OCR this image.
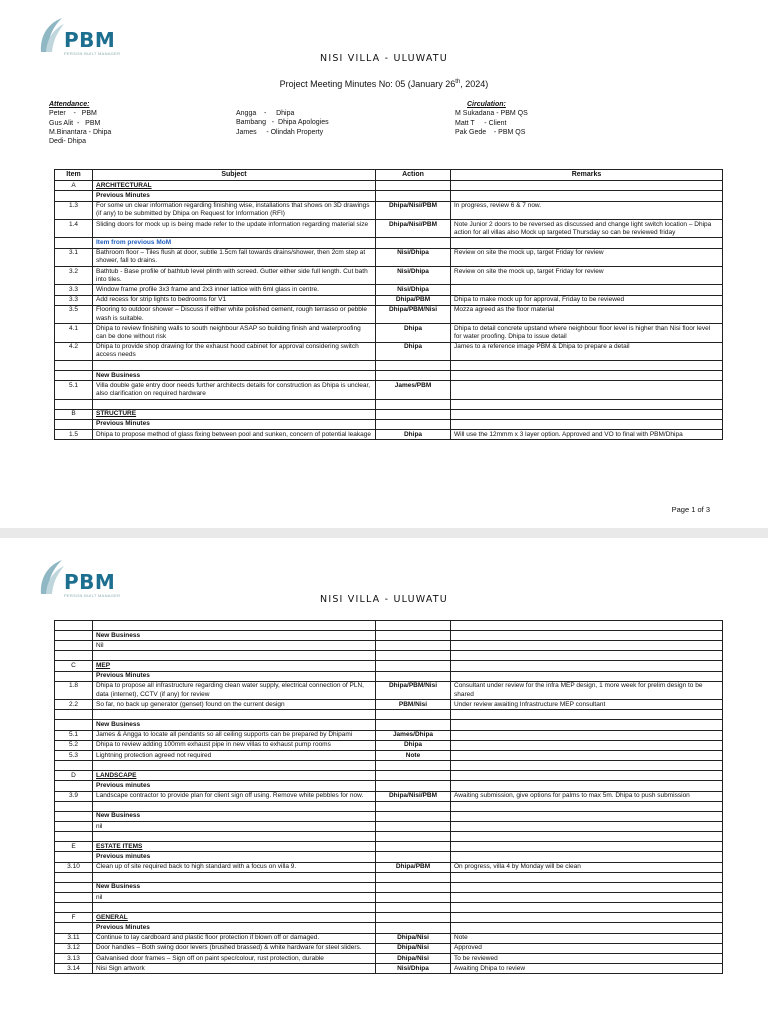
PBM
PERSON BUILT MANAGER	NISI VILLA - ULUWATU
Project Meeting Minutes No: 05 (January 26th, 2024)
Attendance:
Peter    -   PBM
Gus Alit  -   PBM
M.Binantara - Dhipa
Dedi- Dhipa
Angga    -     Dhipa
Bambang   -  Dhipa Apologies
James     - Olindah Property
Circulation:
M Sukadana - PBM QS
Matt T     - Client
Pak Gede    - PBM QS
Page 1 of 3
Item	Subject	Action	Remarks
A	ARCHITECTURAL		
	Previous Minutes		
1.3	For some un clear information regarding finishing wise, installations that shows on 3D drawings (if any) to be submitted by Dhipa on Request for Information (RFI)	Dhipa/Nisi/PBM	In progress, review 6 & 7 now.
1.4	Sliding doors for mock up is being made refer to the update information regarding material size	Dhipa/Nisi/PBM	Note Junior 2 doors to be reversed as discussed and change light switch location – Dhipa action for all villas also Mock up targeted Thursday so can be reviewed friday
	Item from previous MoM		
3.1	Bathroom floor – Tiles flush at door, subtle 1.5cm fall towards drains/shower, then 2cm step at shower, fall to drains.	Nisi/Dhipa	Review on site the mock up, target Friday for review
3.2	Bathtub - Base profile of bathtub level plinth with screed. Gutter either side full length. Cut bath into tiles.	Nisi/Dhipa	Review on site the mock up, target Friday for review
3.3	Window frame profile 3x3 frame and 2x3 inner lattice with 6ml glass in centre.	Nisi/Dhipa	
3.3	Add recess for strip lights to bedrooms for V1	Dhipa/PBM	Dhipa to make mock up for approval, Friday to be reviewed
3.5	Flooring to outdoor shower – Discuss if either white polished cement, rough terrasso or pebble wash is suitable.	Dhipa/PBM/Nisi	Mozza agreed as the floor material
4.1	Dhipa to review finishing walls to south neighbour ASAP so building finish and waterproofing can be done without risk	Dhipa	Dhipa to detail concrete upstand where neighbour floor level is higher than Nisi floor level for water proofing. Dhipa to issue detail
4.2	Dhipa to provide shop drawing for the exhaust hood cabinet for approval considering switch access needs	Dhipa	James to a reference image PBM & Dhipa to prepare a detail

	New Business		
5.1	Villa double gate entry door needs further architects details for construction as Dhipa is unclear, also clarification on required hardware	James/PBM	

B	STRUCTURE		
	Previous Minutes		
1.5	Dhipa to propose method of glass fixing between pool and sunken, concern of potential leakage	Dhipa	Will use the 12mmm x 3 layer option. Approved and VO to final with PBM/Dhipa
PBM
PERSON BUILT MANAGER	NISI VILLA - ULUWATU

	New Business		
	Nil		

C	MEP		
	Previous Minutes		
1.8	Dhipa to propose all infrastructure regarding clean water supply, electrical connection of PLN, data (internet), CCTV (if any) for review	Dhipa/PBM/Nisi	Consultant under review for the infra MEP design, 1 more week for prelim design to be shared
2.2	So far, no back up generator (genset) found on the current design	PBM/Nisi	Under review awaiting Infrastructure MEP consultant

	New Business		
5.1	James & Angga to locate all pendants so all ceiling supports can be prepared by Dhipami	James/Dhipa	
5.2	Dhipa to review adding 100mm exhaust pipe in new villas to exhaust pump rooms	Dhipa	
5.3	Lightning protection agreed not required	Note	

D	LANDSCAPE		
	Previous minutes		
3.9	Landscape contractor to provide plan for client sign off using. Remove white pebbles for now.	Dhipa/Nisi/PBM	Awaiting submission, give options for palms to max 5m. Dhipa to push submission

	New Business		
	nil		

E	ESTATE ITEMS		
	Previous minutes		
3.10	Clean up of site required back to high standard with a focus on villa 9.	Dhipa/PBM	On progress, villa 4 by Monday will be clean

	New Business		
	nil		

F	GENERAL		
	Previous Minutes		
3.11	Continue to lay cardboard and plastic floor protection if blown off or damaged.	Dhipa/Nisi	Note
3.12	Door handles – Both swing door levers (brushed brassed) & white hardware for steel sliders.	Dhipa/Nisi	Approved
3.13	Galvanised door frames – Sign off on paint spec/colour, rust protection, durable	Dhipa/Nisi	To be reviewed
3.14	Nisi Sign artwork	Nisi/Dhipa	Awaiting Dhipa to review
